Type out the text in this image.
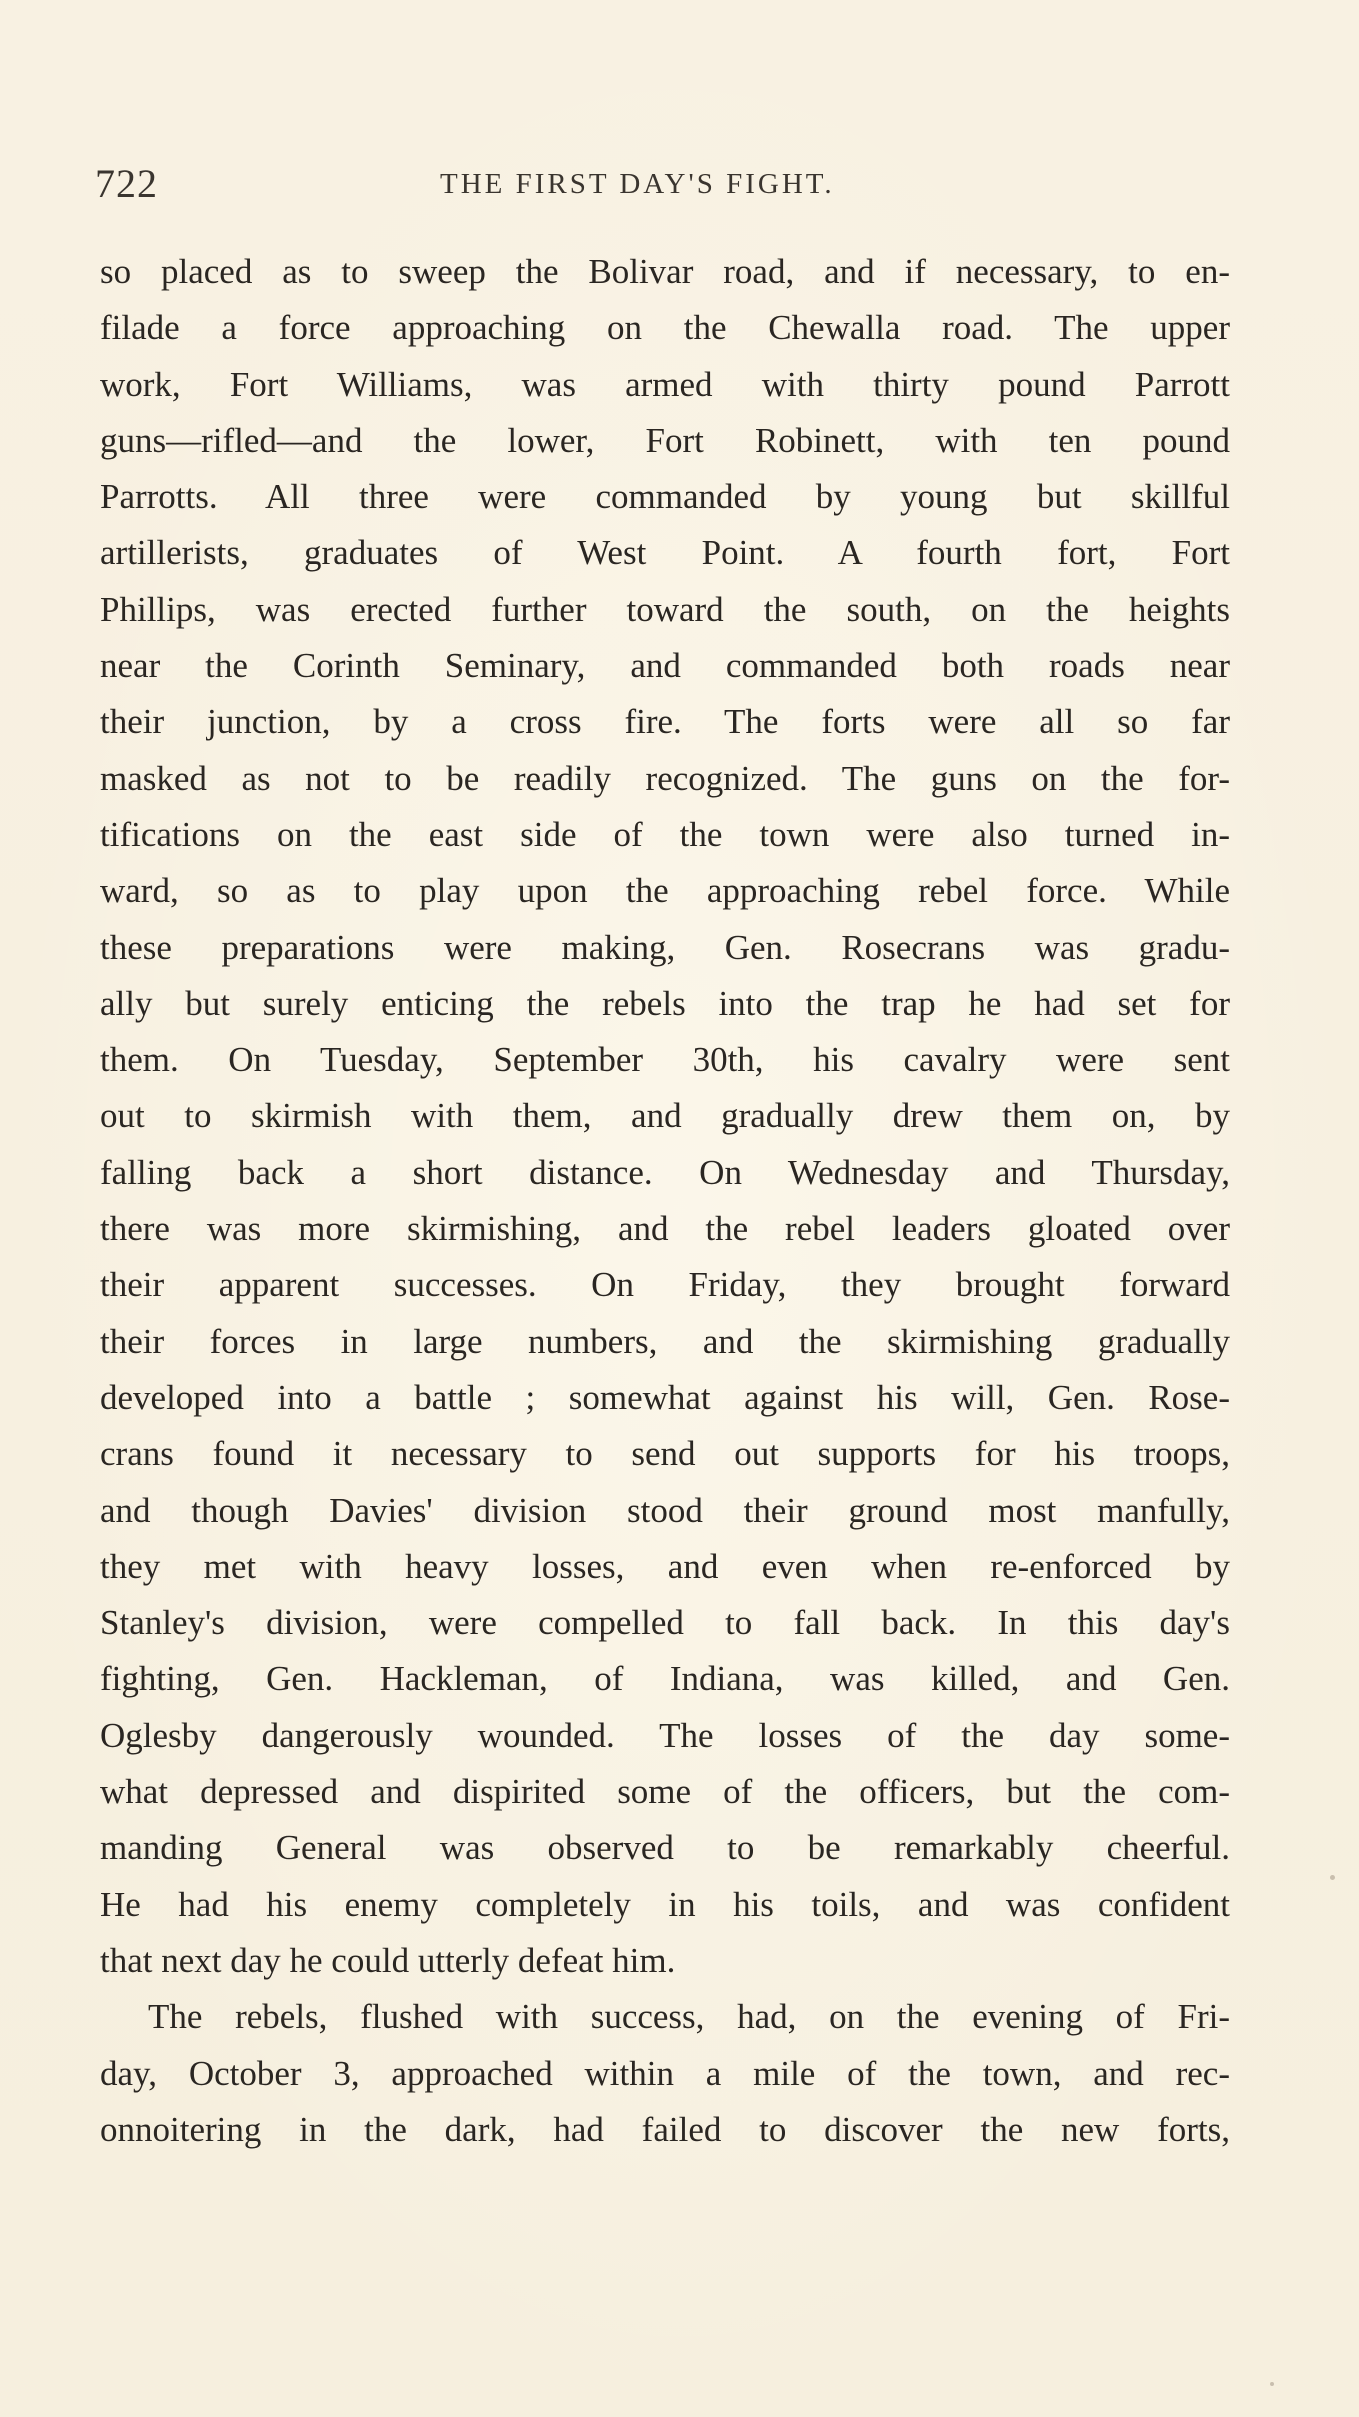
722	THE FIRST DAY'S FIGHT.
so placed as to sweep the Bolivar road, and if necessary, to en-
filade a force approaching on the Chewalla road. The upper
work, Fort Williams, was armed with thirty pound Parrott
guns—rifled—and the lower, Fort Robinett, with ten pound
Parrotts. All three were commanded by young but skillful
artillerists, graduates of West Point. A fourth fort, Fort
Phillips, was erected further toward the south, on the heights
near the Corinth Seminary, and commanded both roads near
their junction, by a cross fire. The forts were all so far
masked as not to be readily recognized. The guns on the for-
tifications on the east side of the town were also turned in-
ward, so as to play upon the approaching rebel force. While
these preparations were making, Gen. Rosecrans was gradu-
ally but surely enticing the rebels into the trap he had set for
them. On Tuesday, September 30th, his cavalry were sent
out to skirmish with them, and gradually drew them on, by
falling back a short distance. On Wednesday and Thursday,
there was more skirmishing, and the rebel leaders gloated over
their apparent successes. On Friday, they brought forward
their forces in large numbers, and the skirmishing gradually
developed into a battle ; somewhat against his will, Gen. Rose-
crans found it necessary to send out supports for his troops,
and though Davies' division stood their ground most manfully,
they met with heavy losses, and even when re-enforced by
Stanley's division, were compelled to fall back. In this day's
fighting, Gen. Hackleman, of Indiana, was killed, and Gen.
Oglesby dangerously wounded. The losses of the day some-
what depressed and dispirited some of the officers, but the com-
manding General was observed to be remarkably cheerful.
He had his enemy completely in his toils, and was confident
that next day he could utterly defeat him.
The rebels, flushed with success, had, on the evening of Fri-
day, October 3, approached within a mile of the town, and rec-
onnoitering in the dark, had failed to discover the new forts,
